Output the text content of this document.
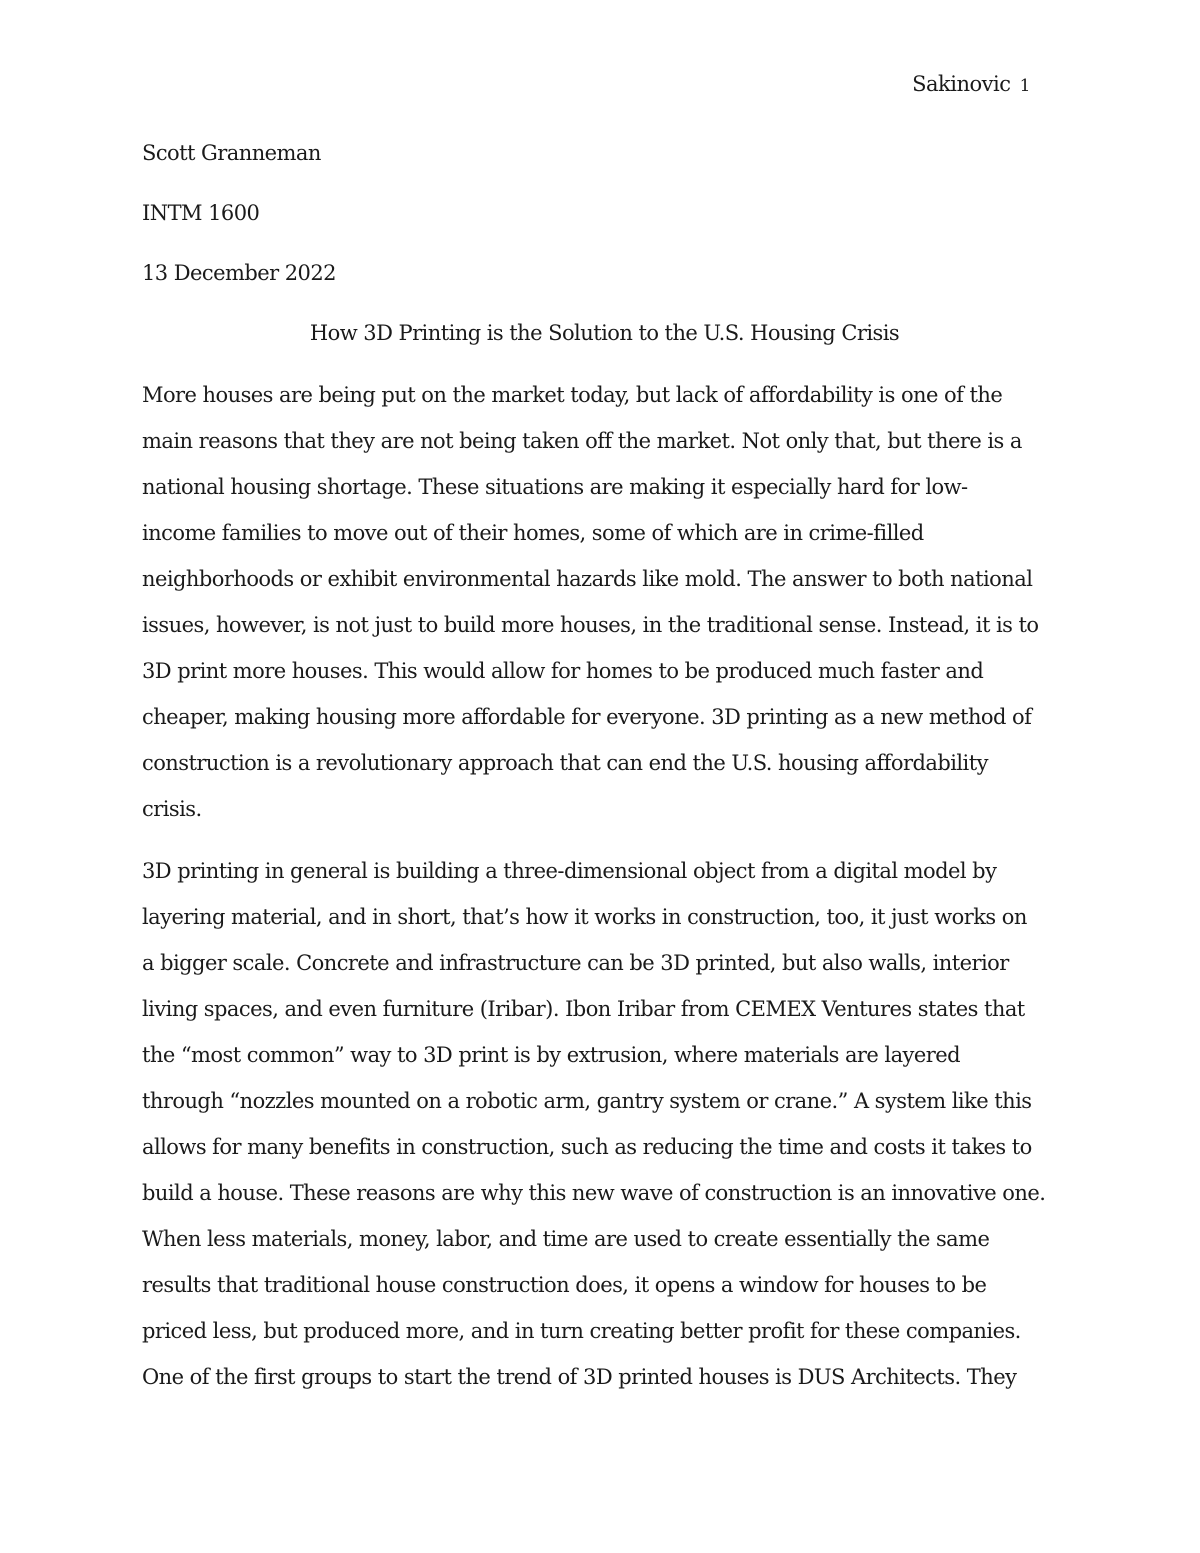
Sakinovic 1
Scott Granneman
INTM 1600
13 December 2022
How 3D Printing is the Solution to the U.S. Housing Crisis
More houses are being put on the market today, but lack of affordability is one of the
main reasons that they are not being taken off the market. Not only that, but there is a
national housing shortage. These situations are making it especially hard for low-
income families to move out of their homes, some of which are in crime-filled
neighborhoods or exhibit environmental hazards like mold. The answer to both national
issues, however, is not just to build more houses, in the traditional sense. Instead, it is to
3D print more houses. This would allow for homes to be produced much faster and
cheaper, making housing more affordable for everyone. 3D printing as a new method of
construction is a revolutionary approach that can end the U.S. housing affordability
crisis.
3D printing in general is building a three-dimensional object from a digital model by
layering material, and in short, that’s how it works in construction, too, it just works on
a bigger scale. Concrete and infrastructure can be 3D printed, but also walls, interior
living spaces, and even furniture (Iribar). Ibon Iribar from CEMEX Ventures states that
the “most common” way to 3D print is by extrusion, where materials are layered
through “nozzles mounted on a robotic arm, gantry system or crane.” A system like this
allows for many benefits in construction, such as reducing the time and costs it takes to
build a house. These reasons are why this new wave of construction is an innovative one.
When less materials, money, labor, and time are used to create essentially the same
results that traditional house construction does, it opens a window for houses to be
priced less, but produced more, and in turn creating better profit for these companies.
One of the first groups to start the trend of 3D printed houses is DUS Architects. They
